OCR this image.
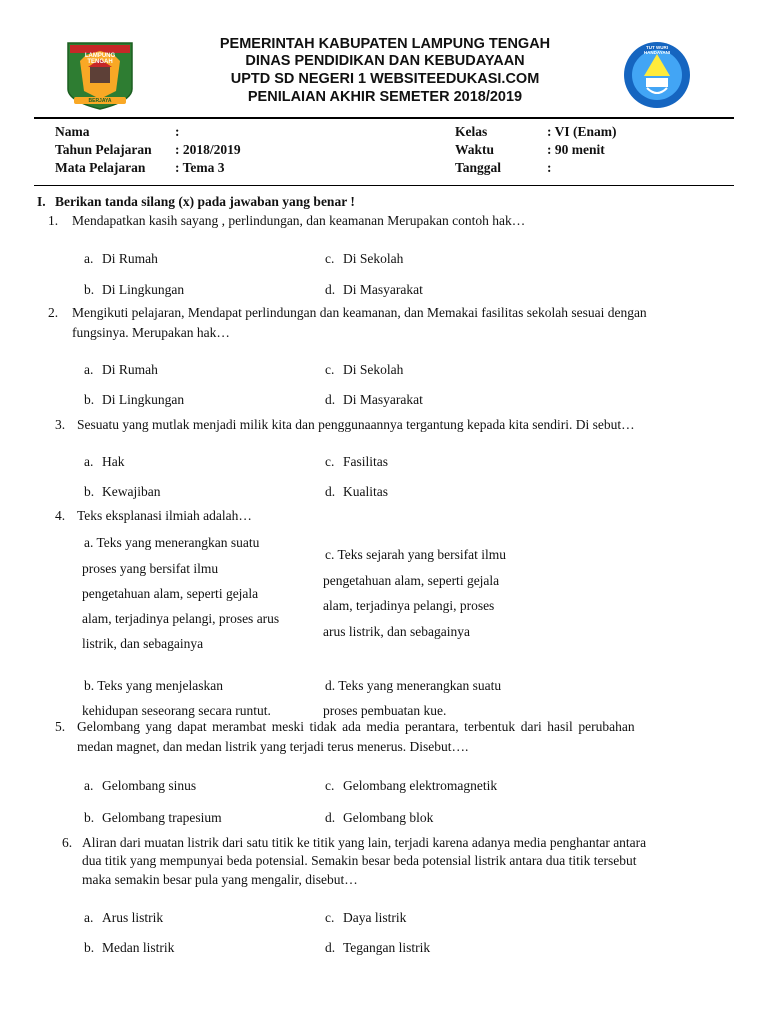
LAMPUNG TENGAH
BERJAYA
TUT WURI HANDAYANI
PEMERINTAH KABUPATEN LAMPUNG TENGAH
DINAS PENDIDIKAN DAN KEBUDAYAAN
UPTD SD NEGERI 1 WEBSITEEDUKASI.COM
PENILAIAN AKHIR SEMETER 2018/2019
Nama	:
Tahun Pelajaran : 2018/2019
Mata Pelajaran : Tema 3
Kelas	: VI (Enam)
Waktu	: 90 menit
Tanggal	:
I. Berikan tanda silang (x) pada jawaban yang benar !
1. Mendapatkan kasih sayang , perlindungan, dan keamanan Merupakan contoh hak…
a. Di Rumah	c. Di Sekolah
b. Di Lingkungan	d. Di Masyarakat
2. Mengikuti pelajaran, Mendapat perlindungan dan keamanan, dan Memakai fasilitas sekolah sesuai dengan
fungsinya. Merupakan hak…
a. Di Rumah	c. Di Sekolah
b. Di Lingkungan	d. Di Masyarakat
3. Sesuatu yang mutlak menjadi milik kita dan penggunaannya tergantung kepada kita sendiri. Di sebut…
a. Hak	c. Fasilitas
b. Kewajiban	d. Kualitas
4. Teks eksplanasi ilmiah adalah…
a. Teks yang menerangkan suatu
proses yang bersifat ilmu
pengetahuan alam, seperti gejala
alam, terjadinya pelangi, proses arus
listrik, dan sebagainya
c. Teks sejarah yang bersifat ilmu
pengetahuan alam, seperti gejala
alam, terjadinya pelangi, proses
arus listrik, dan sebagainya
b. Teks yang menjelaskan
kehidupan seseorang secara runtut.
d. Teks yang menerangkan suatu
proses pembuatan kue.
5. Gelombang yang dapat merambat meski tidak ada media perantara, terbentuk dari hasil perubahan
medan magnet, dan medan listrik yang terjadi terus menerus. Disebut….
a. Gelombang sinus	c. Gelombang elektromagnetik
b. Gelombang trapesium	d. Gelombang blok
6. Aliran dari muatan listrik dari satu titik ke titik yang lain, terjadi karena adanya media penghantar antara
dua titik yang mempunyai beda potensial. Semakin besar beda potensial listrik antara dua titik tersebut
maka semakin besar pula yang mengalir, disebut…
a. Arus listrik	c. Daya listrik
b. Medan listrik	d. Tegangan listrik
